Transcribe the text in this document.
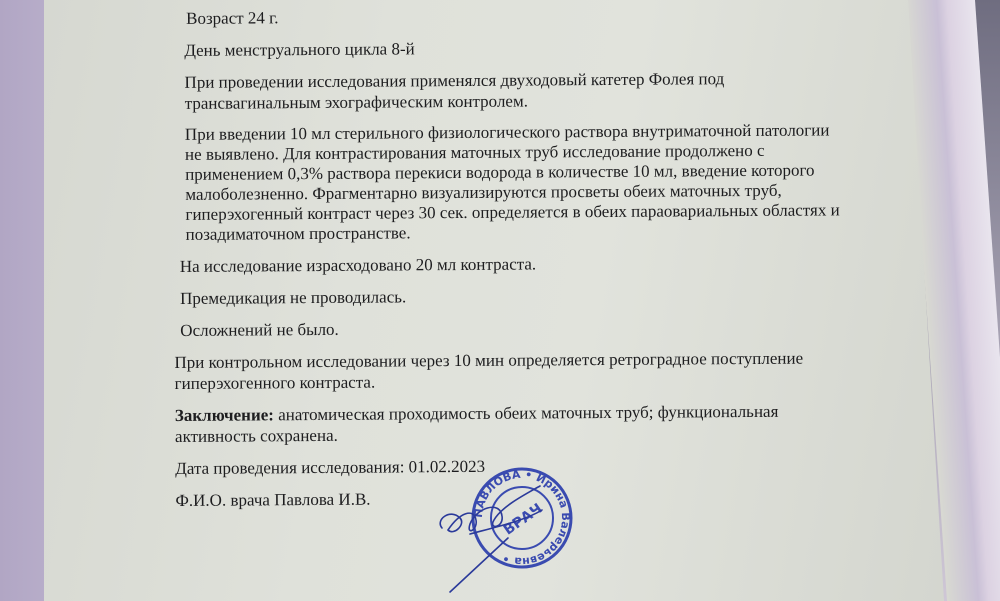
Возраст 24 г.

День менструального цикла 8-й

При проведении исследования применялся двуходовый катетер Фолея под
трансвагинальным эхографическим контролем.
При введении 10 мл стерильного физиологического раствора внутриматочной патологии
не выявлено. Для контрастирования маточных труб исследование продолжено с
применением 0,3% раствора перекиси водорода в количестве 10 мл, введение которого
малоболезненно. Фрагментарно визуализируются просветы обеих маточных труб,
гиперэхогенный контраст через 30 сек. определяется в обеих параовариальных областях и
позадиматочном пространстве.

На исследование израсходовано 20 мл контраста.

Премедикация не проводилась.

Осложнений не было.

При контрольном исследовании через 10 мин определяется ретроградное поступление
гиперэхогенного контраста.
Заключение: анатомическая проходимость обеих маточных труб; функциональная
активность сохранена.

Дата проведения исследования: 01.02.2023

Ф.И.О. врача Павлова И.В.

ПАВЛОВА • Ирина Валерьевна •
ВРАЧ
